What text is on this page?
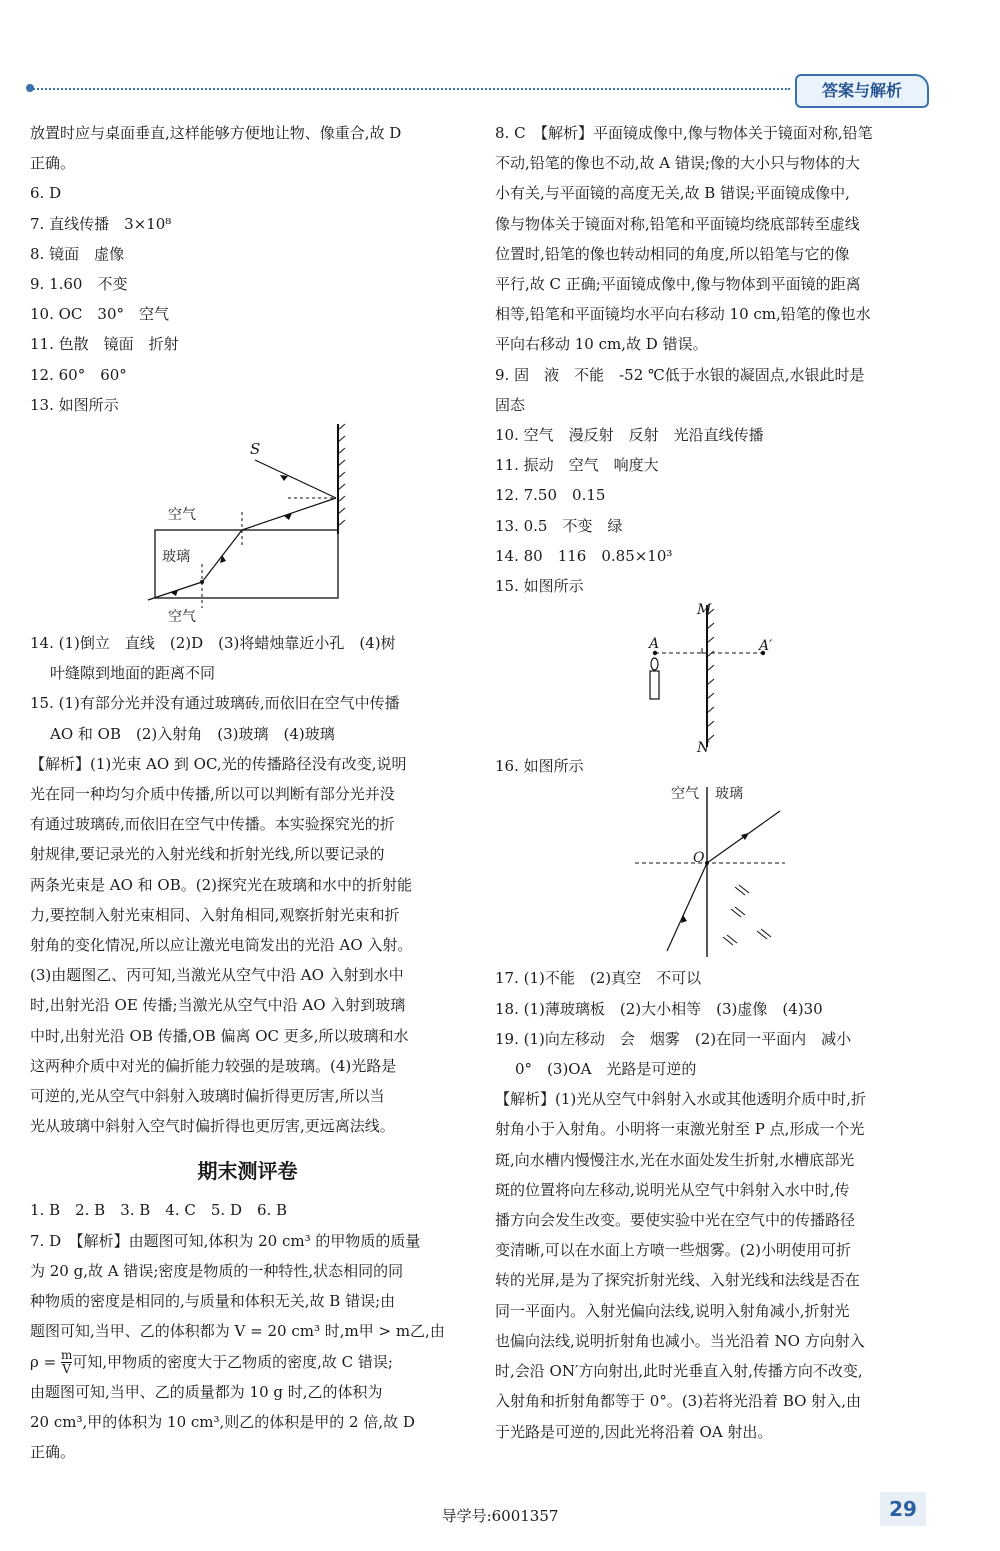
答案与解析

放置时应与桌面垂直,这样能够方便地让物、像重合,故 D

正确。

6. D

7. 直线传播　3×10⁸

8. 镜面　虚像

9. 1.60　不变

10. OC　30°　空气

11. 色散　镜面　折射

12. 60°　60°

13. 如图所示

S
空气
玻璃
空气

14. (1)倒立　直线　(2)D　(3)将蜡烛靠近小孔　(4)树

叶缝隙到地面的距离不同

15. (1)有部分光并没有通过玻璃砖,而依旧在空气中传播

AO 和 OB　(2)入射角　(3)玻璃　(4)玻璃

【解析】(1)光束 AO 到 OC,光的传播路径没有改变,说明

光在同一种均匀介质中传播,所以可以判断有部分光并没

有通过玻璃砖,而依旧在空气中传播。本实验探究光的折

射规律,要记录光的入射光线和折射光线,所以要记录的

两条光束是 AO 和 OB。(2)探究光在玻璃和水中的折射能

力,要控制入射光束相同、入射角相同,观察折射光束和折

射角的变化情况,所以应让激光电筒发出的光沿 AO 入射。

(3)由题图乙、丙可知,当激光从空气中沿 AO 入射到水中

时,出射光沿 OE 传播;当激光从空气中沿 AO 入射到玻璃

中时,出射光沿 OB 传播,OB 偏离 OC 更多,所以玻璃和水

这两种介质中对光的偏折能力较强的是玻璃。(4)光路是

可逆的,光从空气中斜射入玻璃时偏折得更厉害,所以当

光从玻璃中斜射入空气时偏折得也更厉害,更远离法线。

期末测评卷

1. B　2. B　3. B　4. C　5. D　6. B

7. D　【解析】由题图可知,体积为 20 cm³ 的甲物质的质量

为 20 g,故 A 错误;密度是物质的一种特性,状态相同的同

种物质的密度是相同的,与质量和体积无关,故 B 错误;由

题图可知,当甲、乙的体积都为 V = 20 cm³ 时,m甲 > m乙,由

$\rho = \frac{m}{V}$ 可知,甲物质的密度大于乙物质的密度,故 C 错误;

由题图可知,当甲、乙的质量都为 10 g 时,乙的体积为

20 cm³,甲的体积为 10 cm³,则乙的体积是甲的 2 倍,故 D

正确。

8. C　【解析】平面镜成像中,像与物体关于镜面对称,铅笔

不动,铅笔的像也不动,故 A 错误;像的大小只与物体的大

小有关,与平面镜的高度无关,故 B 错误;平面镜成像中,

像与物体关于镜面对称,铅笔和平面镜均绕底部转至虚线

位置时,铅笔的像也转动相同的角度,所以铅笔与它的像

平行,故 C 正确;平面镜成像中,像与物体到平面镜的距离

相等,铅笔和平面镜均水平向右移动 10 cm,铅笔的像也水

平向右移动 10 cm,故 D 错误。

9. 固　液　不能　-52 ℃低于水银的凝固点,水银此时是

固态

10. 空气　漫反射　反射　光沿直线传播

11. 振动　空气　响度大

12. 7.50　0.15

13. 0.5　不变　绿

14. 80　116　0.85×10³

15. 如图所示

M
N
A	A′

16. 如图所示

空气 玻璃
O

17. (1)不能　(2)真空　不可以

18. (1)薄玻璃板　(2)大小相等　(3)虚像　(4)30

19. (1)向左移动　会　烟雾　(2)在同一平面内　减小

0°　(3)OA　光路是可逆的

【解析】(1)光从空气中斜射入水或其他透明介质中时,折

射角小于入射角。小明将一束激光射至 P 点,形成一个光

斑,向水槽内慢慢注水,光在水面处发生折射,水槽底部光

斑的位置将向左移动,说明光从空气中斜射入水中时,传

播方向会发生改变。要使实验中光在空气中的传播路径

变清晰,可以在水面上方喷一些烟雾。(2)小明使用可折

转的光屏,是为了探究折射光线、入射光线和法线是否在

同一平面内。入射光偏向法线,说明入射角减小,折射光

也偏向法线,说明折射角也减小。当光沿着 NO 方向射入

时,会沿 ON′方向射出,此时光垂直入射,传播方向不改变,

入射角和折射角都等于 0°。(3)若将光沿着 BO 射入,由

于光路是可逆的,因此光将沿着 OA 射出。

导学号:6001357	29
